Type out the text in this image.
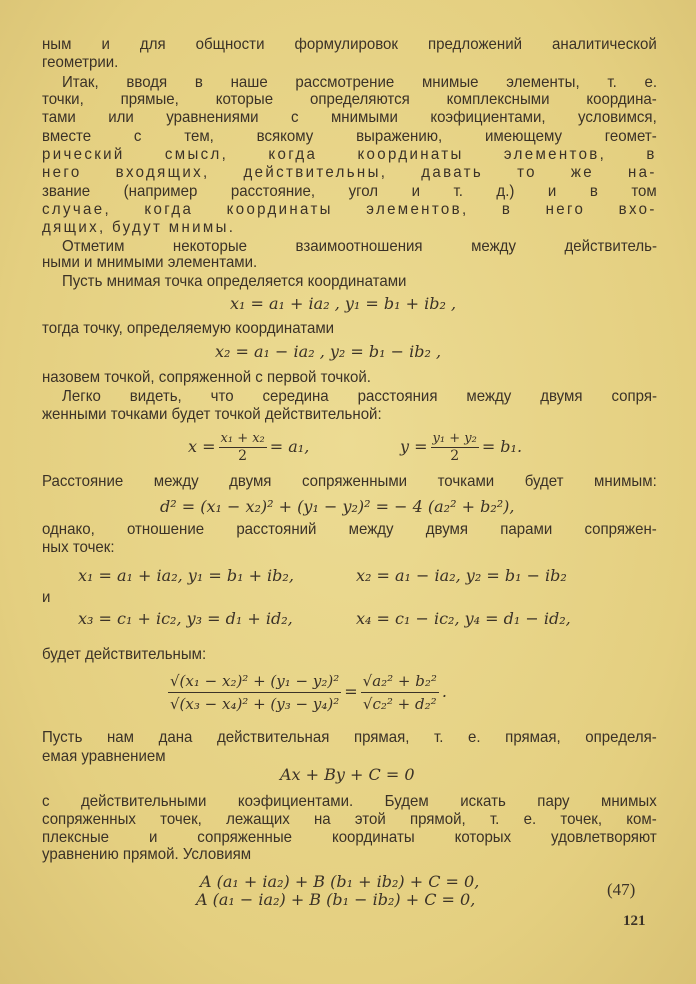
ным и для общности формулировок предложений аналитической
геометрии.
Итак, вводя в наше рассмотрение мнимые элементы, т. е.
точки, прямые, которые определяются комплексными координа-
тами или уравнениями с мнимыми коэфициентами, условимся,
вместе с тем, всякому выражению, имеющему геомет-
рический смысл, когда координаты элементов, в
него входящих, действительны, давать то же на-
звание (например расстояние, угол и т. д.) и в том
случае, когда координаты элементов, в него вхо-
дящих, будут мнимы.
Отметим некоторые взаимоотношения между действитель-
ными и мнимыми элементами.
Пусть мнимая точка определяется координатами
x₁ = a₁ + ia₂ , y₁ = b₁ + ib₂ ,
тогда точку, определяемую координатами
x₂ = a₁ − ia₂ , y₂ = b₁ − ib₂ ,
назовем точкой, сопряженной с первой точкой.
Легко видеть, что середина расстояния между двумя сопря-
женными точками будет точкой действительной:
$x = \frac{\text{x₁ + x₂}}{2} = a_1$,	$y = \frac{\text{y₁ + y₂}}{2} = b_1$.
Расстояние между двумя сопряженными точками будет мнимым:
d² = (x₁ − x₂)² + (y₁ − y₂)² = − 4 (a₂² + b₂²),
однако, отношение расстояний между двумя парами сопряжен-
ных точек:
x₁ = a₁ + ia₂, y₁ = b₁ + ib₂,	x₂ = a₁ − ia₂, y₂ = b₁ − ib₂
и
x₃ = c₁ + ic₂, y₃ = d₁ + id₂,	x₄ = c₁ − ic₂, y₄ = d₁ − id₂,
будет действительным:
$\frac{\text{√(x₁ − x₂)² + (y₁ − y₂)²}}{\text{√(x₃ − x₄)² + (y₃ − y₄)²}} = \frac{\text{√a₂² + b₂²}}{\text{√c₂² + d₂²}}$ .
Пусть нам дана действительная прямая, т. е. прямая, определя-
емая уравнением
Ax + By + C = 0
с действительными коэфициентами. Будем искать пару мнимых
сопряженных точек, лежащих на этой прямой, т. е. точек, ком-
плексные и сопряженные координаты которых удовлетворяют
уравнению прямой. Условиям
A (a₁ + ia₂) + B (b₁ + ib₂) + C = 0,
A (a₁ − ia₂) + B (b₁ − ib₂) + C = 0,
(47)
121
